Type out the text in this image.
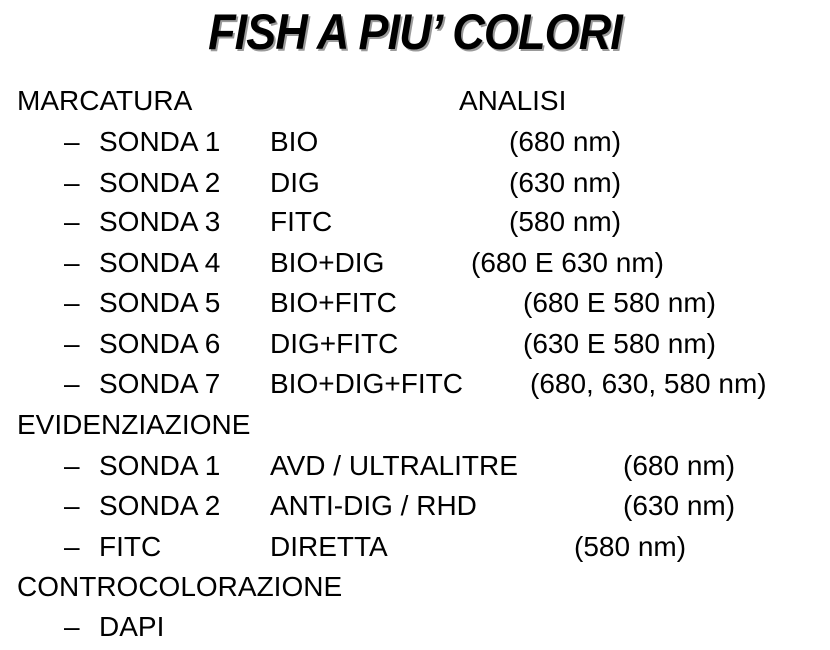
FISH A PIU’ COLORI
MARCATURA	ANALISI
– SONDA 1 BIO	(680 nm)
– SONDA 2 DIG	(630 nm)
– SONDA 3 FITC	(580 nm)
– SONDA 4 BIO+DIG	(680 E 630 nm)
– SONDA 5 BIO+FITC	(680 E 580 nm)
– SONDA 6 DIG+FITC	(630 E 580 nm)
– SONDA 7 BIO+DIG+FITC (680, 630, 580 nm)
EVIDENZIAZIONE
– SONDA 1 AVD / ULTRALITRE	(680 nm)
– SONDA 2 ANTI-DIG / RHD	(630 nm)
– FITC	DIRETTA	(580 nm)
CONTROCOLORAZIONE
– DAPI
